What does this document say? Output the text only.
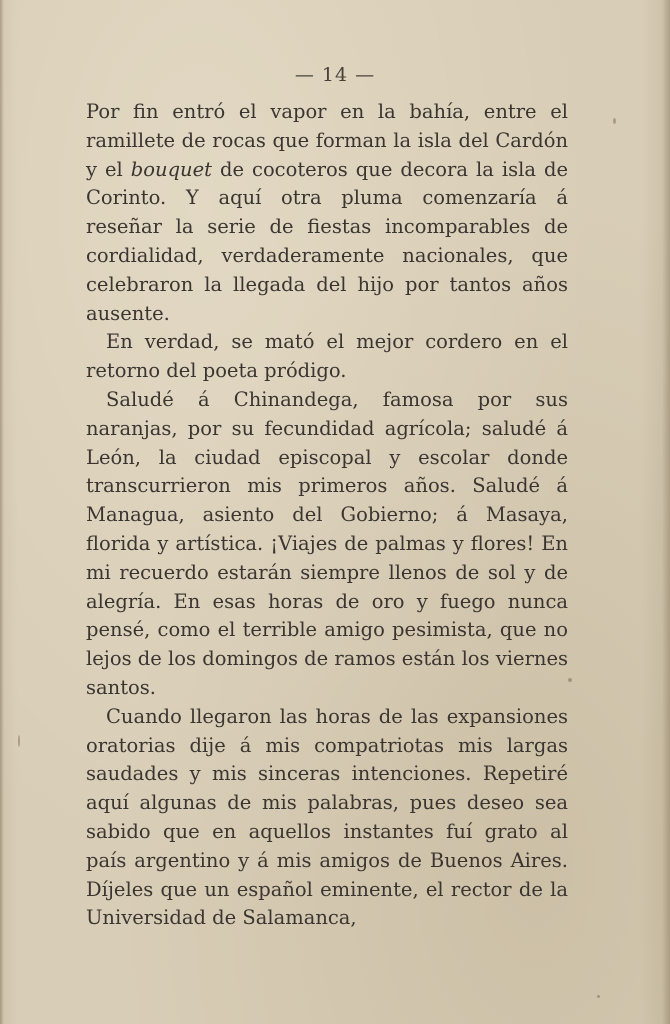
— 14 —

Por fin entró el vapor en la bahía, entre el ramillete de rocas que forman la isla del Cardón y el bouquet de cocoteros que decora la isla de Corinto. Y aquí otra pluma comenzaría á reseñar la serie de fiestas incomparables de cordialidad, verdaderamente nacionales, que celebraron la llegada del hijo por tantos años ausente.

En verdad, se mató el mejor cordero en el retorno del poeta pródigo.

Saludé á Chinandega, famosa por sus naranjas, por su fecundidad agrícola; saludé á León, la ciudad episcopal y escolar donde transcurrieron mis primeros años. Saludé á Managua, asiento del Gobierno; á Masaya, florida y artística. ¡Viajes de palmas y flores! En mi recuerdo estarán siempre llenos de sol y de alegría. En esas horas de oro y fuego nunca pensé, como el terrible amigo pesimista, que no lejos de los domingos de ramos están los viernes santos.

Cuando llegaron las horas de las expansiones oratorias dije á mis compatriotas mis largas saudades y mis sinceras intenciones. Repetiré aquí algunas de mis palabras, pues deseo sea sabido que en aquellos instantes fuí grato al país argentino y á mis amigos de Buenos Aires. Díjeles que un español eminente, el rector de la Universidad de Salamanca,
